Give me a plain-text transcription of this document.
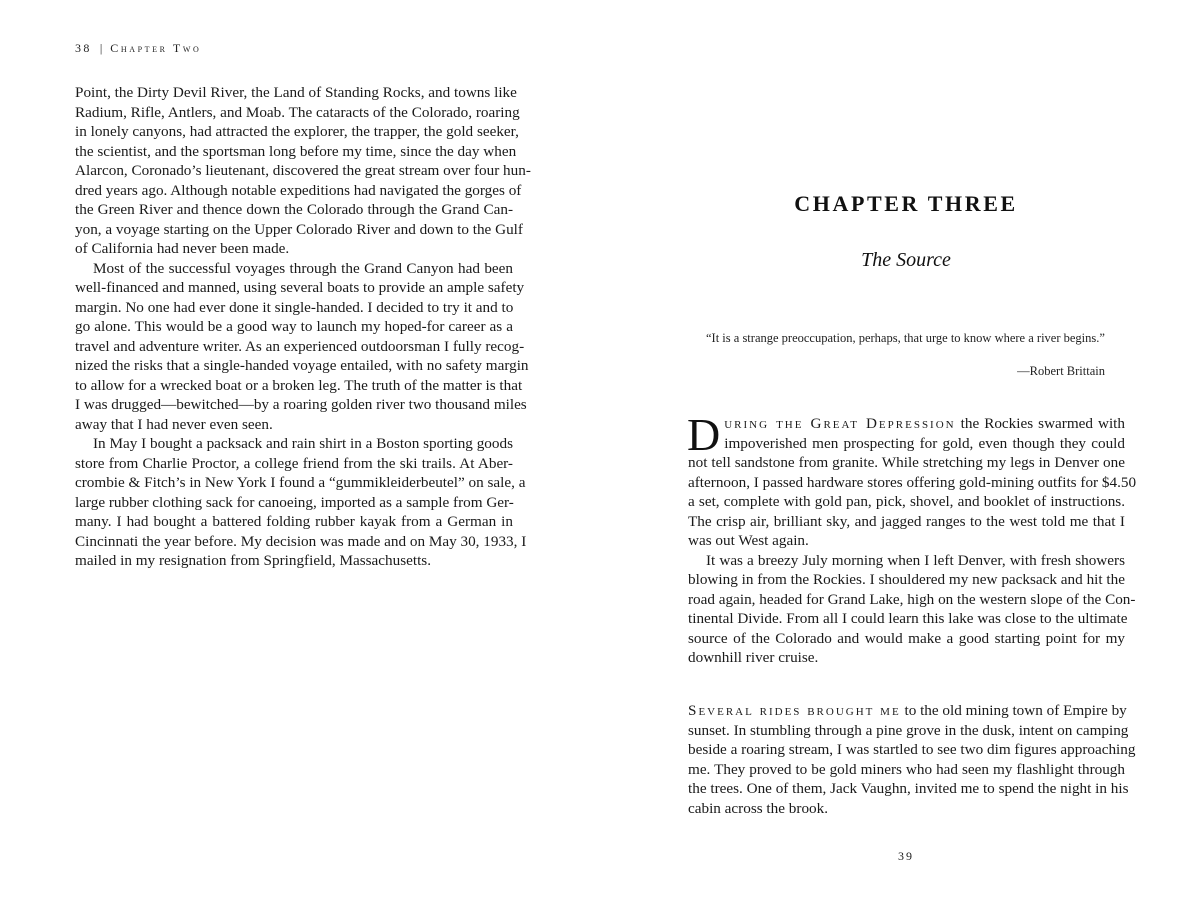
38 | Chapter Two
Point, the Dirty Devil River, the Land of Standing Rocks, and towns like
Radium, Rifle, Antlers, and Moab. The cataracts of the Colorado, roaring
in lonely canyons, had attracted the explorer, the trapper, the gold seeker,
the scientist, and the sportsman long before my time, since the day when
Alarcon, Coronado’s lieutenant, discovered the great stream over four hun-
dred years ago. Although notable expeditions had navigated the gorges of
the Green River and thence down the Colorado through the Grand Can-
yon, a voyage starting on the Upper Colorado River and down to the Gulf
of California had never been made.
Most of the successful voyages through the Grand Canyon had been
well-financed and manned, using several boats to provide an ample safety
margin. No one had ever done it single-handed. I decided to try it and to
go alone. This would be a good way to launch my hoped-for career as a
travel and adventure writer. As an experienced outdoorsman I fully recog-
nized the risks that a single-handed voyage entailed, with no safety margin
to allow for a wrecked boat or a broken leg. The truth of the matter is that
I was drugged—bewitched—by a roaring golden river two thousand miles
away that I had never even seen.
In May I bought a packsack and rain shirt in a Boston sporting goods
store from Charlie Proctor, a college friend from the ski trails. At Aber-
crombie & Fitch’s in New York I found a “gummikleiderbeutel” on sale, a
large rubber clothing sack for canoeing, imported as a sample from Ger-
many. I had bought a battered folding rubber kayak from a German in
Cincinnati the year before. My decision was made and on May 30, 1933, I
mailed in my resignation from Springfield, Massachusetts.
CHAPTER THREE
The Source
“It is a strange preoccupation, perhaps, that urge to know where a river begins.”
—Robert Brittain
D uring the Great Depression the Rockies swarmed with
impoverished men prospecting for gold, even though they could
not tell sandstone from granite. While stretching my legs in Denver one
afternoon, I passed hardware stores offering gold-mining outfits for $4.50
a set, complete with gold pan, pick, shovel, and booklet of instructions.
The crisp air, brilliant sky, and jagged ranges to the west told me that I
was out West again.
It was a breezy July morning when I left Denver, with fresh showers
blowing in from the Rockies. I shouldered my new packsack and hit the
road again, headed for Grand Lake, high on the western slope of the Con-
tinental Divide. From all I could learn this lake was close to the ultimate
source of the Colorado and would make a good starting point for my
downhill river cruise.
Several rides brought me to the old mining town of Empire by
sunset. In stumbling through a pine grove in the dusk, intent on camping
beside a roaring stream, I was startled to see two dim figures approaching
me. They proved to be gold miners who had seen my flashlight through
the trees. One of them, Jack Vaughn, invited me to spend the night in his
cabin across the brook.
39
